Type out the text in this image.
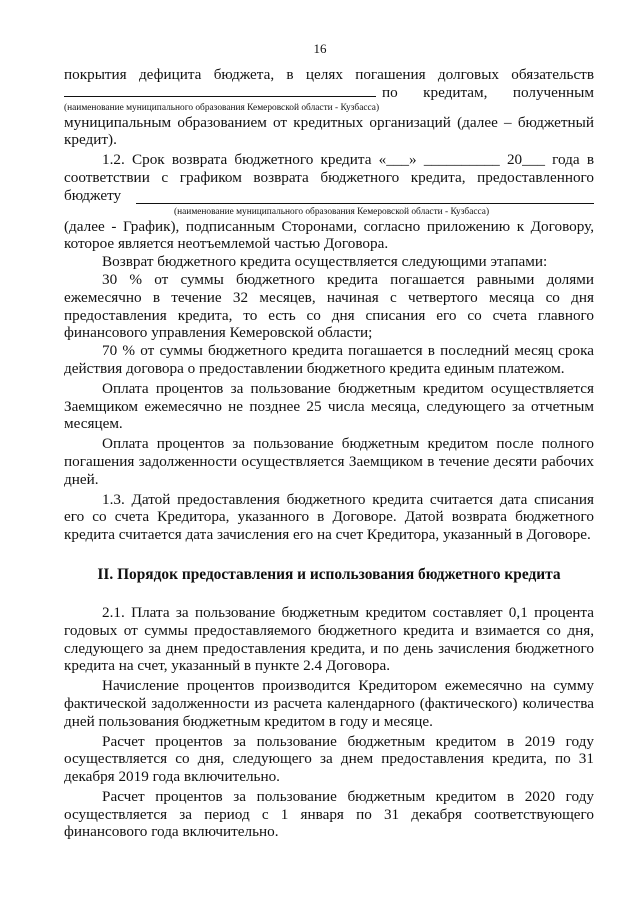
16

покрытия дефицита бюджета, в целях погашения долговых обязательств

по кредитам, полученным

(наименование муниципального образования Кемеровской области - Кузбасса)

муниципальным образованием от кредитных организаций (далее – бюджетный кредит).

1.2. Срок возврата бюджетного кредита «___» __________ 20___ года в соответствии с графиком возврата бюджетного кредита, предоставленного бюджету

(наименование муниципального образования Кемеровской области - Кузбасса)

(далее - График), подписанным Сторонами, согласно приложению к Договору, которое является неотъемлемой частью Договора.

Возврат бюджетного кредита осуществляется следующими этапами:

30 % от суммы бюджетного кредита погашается равными долями ежемесячно в течение 32 месяцев, начиная с четвертого месяца со дня предоставления кредита, то есть со дня списания его со счета главного финансового управления Кемеровской области;

70 % от суммы бюджетного кредита погашается в последний месяц срока действия договора о предоставлении бюджетного кредита единым платежом.

Оплата процентов за пользование бюджетным кредитом осуществляется Заемщиком ежемесячно не позднее 25 числа месяца, следующего за отчетным месяцем.

Оплата процентов за пользование бюджетным кредитом после полного погашения задолженности осуществляется Заемщиком в течение десяти рабочих дней.

1.3. Датой предоставления бюджетного кредита считается дата списания его со счета Кредитора, указанного в Договоре. Датой возврата бюджетного кредита считается дата зачисления его на счет Кредитора, указанный в Договоре.

II. Порядок предоставления и использования бюджетного кредита

2.1. Плата за пользование бюджетным кредитом составляет 0,1 процента годовых от суммы предоставляемого бюджетного кредита и взимается со дня, следующего за днем предоставления кредита, и по день зачисления бюджетного кредита на счет, указанный в пункте 2.4 Договора.

Начисление процентов производится Кредитором ежемесячно на сумму фактической задолженности из расчета календарного (фактического) количества дней пользования бюджетным кредитом в году и месяце.

Расчет процентов за пользование бюджетным кредитом в 2019 году осуществляется со дня, следующего за днем предоставления кредита, по 31 декабря 2019 года включительно.

Расчет процентов за пользование бюджетным кредитом в 2020 году осуществляется за период с 1 января по 31 декабря соответствующего финансового года включительно.
